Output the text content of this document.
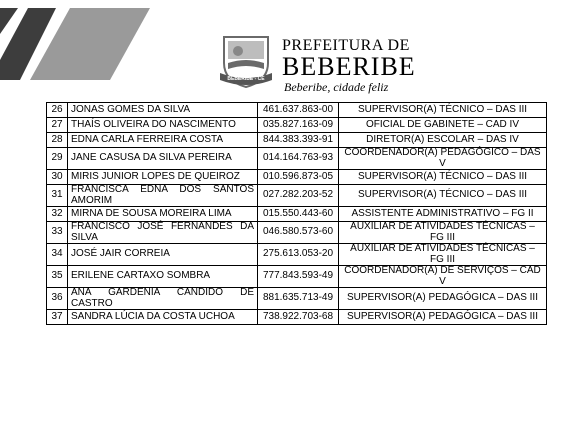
BEBERIBE - CE
PREFEITURA DE
BEBERIBE
Beberibe, cidade feliz
26	JONAS GOMES DA SILVA	461.637.863-00	SUPERVISOR(A) TÉCNICO – DAS III
27	THAÍS OLIVEIRA DO NASCIMENTO	035.827.163-09	OFICIAL DE GABINETE – CAD IV
28	EDNA CARLA FERREIRA COSTA	844.383.393-91	DIRETOR(A) ESCOLAR – DAS IV
29	JANE CASUSA DA SILVA PEREIRA	014.164.763-93	COORDENADOR(A) PEDAGÓGICO – DAS V
30	MIRIS JUNIOR LOPES DE QUEIROZ	010.596.873-05	SUPERVISOR(A) TÉCNICO – DAS III
31	FRANCISCA EDNA DOS SANTOS AMORIM	027.282.203-52	SUPERVISOR(A) TÉCNICO – DAS III
32	MIRNA DE SOUSA MOREIRA LIMA	015.550.443-60	ASSISTENTE ADMINISTRATIVO – FG II
33	FRANCISCO JOSÉ FERNANDES DA SILVA	046.580.573-60	AUXILIAR DE ATIVIDADES TÉCNICAS – FG III
34	JOSÉ JAIR CORREIA	275.613.053-20	AUXILIAR DE ATIVIDADES TÉCNICAS – FG III
35	ERILENE CARTAXO SOMBRA	777.843.593-49	COORDENADOR(A) DE SERVIÇOS – CAD V
36	ANA GARDENIA CANDIDO DE CASTRO	881.635.713-49	SUPERVISOR(A) PEDAGÓGICA – DAS III
37	SANDRA LÚCIA DA COSTA UCHOA	738.922.703-68	SUPERVISOR(A) PEDAGÓGICA – DAS III
